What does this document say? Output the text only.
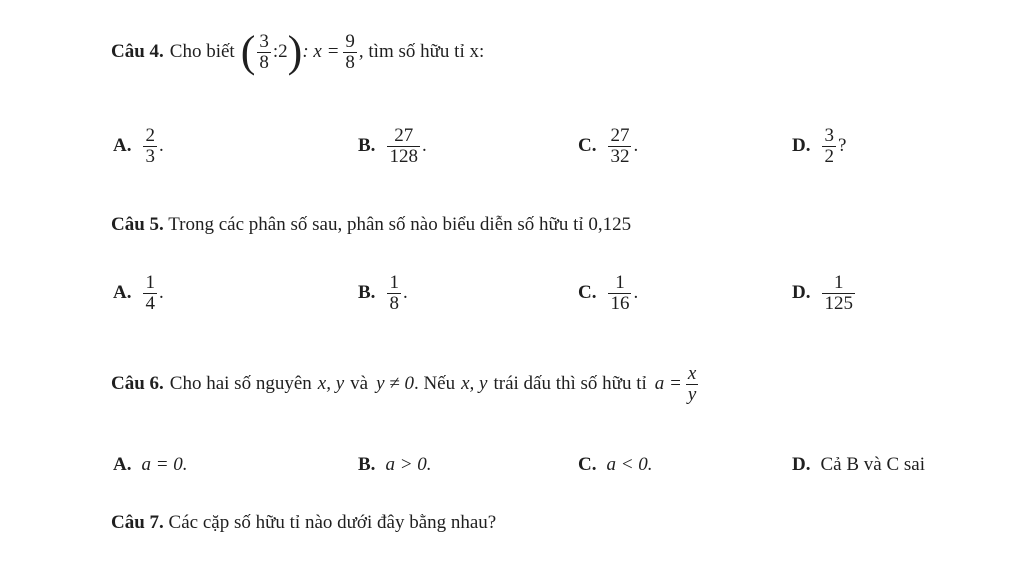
Câu 4. Cho biết ( $\frac{3}{8}$ :2 ) : $x = \frac{9}{8}$ , tìm số hữu tỉ x:
A. $\frac{2}{3}$ .	B. $\frac{27}{128}$ .	C. $\frac{27}{32}$ .	D. $\frac{3}{2}$ ?
Câu 5. Trong các phân số sau, phân số nào biểu diễn số hữu tỉ 0,125
A. $\frac{1}{4}$ .	B. $\frac{1}{8}$ .	C. $\frac{1}{16}$ .	D. $\frac{1}{125}$
Câu 6. Cho hai số nguyên x, y và y ≠ 0 . Nếu x, y trái dấu thì số hữu tỉ $a = \frac{x}{y}$
A. a = 0.	B. a > 0.	C. a < 0.	D. Cả B và C sai
Câu 7. Các cặp số hữu tỉ nào dưới đây bằng nhau?
